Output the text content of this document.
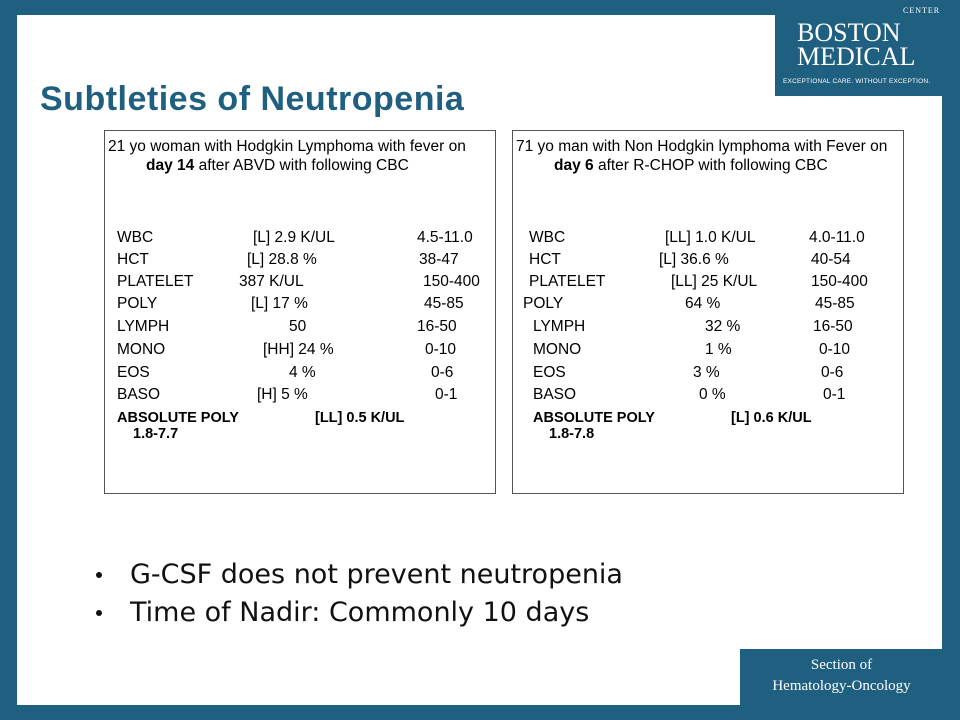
CENTER
BOSTON
MEDICAL
EXCEPTIONAL CARE. WITHOUT EXCEPTION.
Subtleties of Neutropenia
21 yo woman with Hodgkin Lymphoma with fever on day 14 after ABVD with following CBC
WBC	[L] 2.9 K/UL	4.5-11.0
HCT	[L] 28.8 %	38-47
PLATELET	387 K/UL	150-400
POLY	[L] 17 %	45-85
LYMPH	50	16-50
MONO	[HH] 24 %	0-10
EOS	4 %	0-6
BASO	[H] 5 %	0-1
ABSOLUTE POLY	[LL] 0.5 K/UL
1.8-7.7
71 yo man with Non Hodgkin lymphoma with Fever on day 6 after R-CHOP with following CBC
WBC	[LL] 1.0 K/UL	4.0-11.0
HCT	[L] 36.6 %	40-54
PLATELET	[LL] 25 K/UL	150-400
POLY	64 %	45-85
LYMPH	32 %	16-50
MONO	1 %	0-10
EOS	3 %	0-6
BASO	0 %	0-1
ABSOLUTE POLY	[L] 0.6 K/UL
1.8-7.8
G-CSF does not prevent neutropenia
Time of Nadir: Commonly 10 days
Section of
Hematology-Oncology
